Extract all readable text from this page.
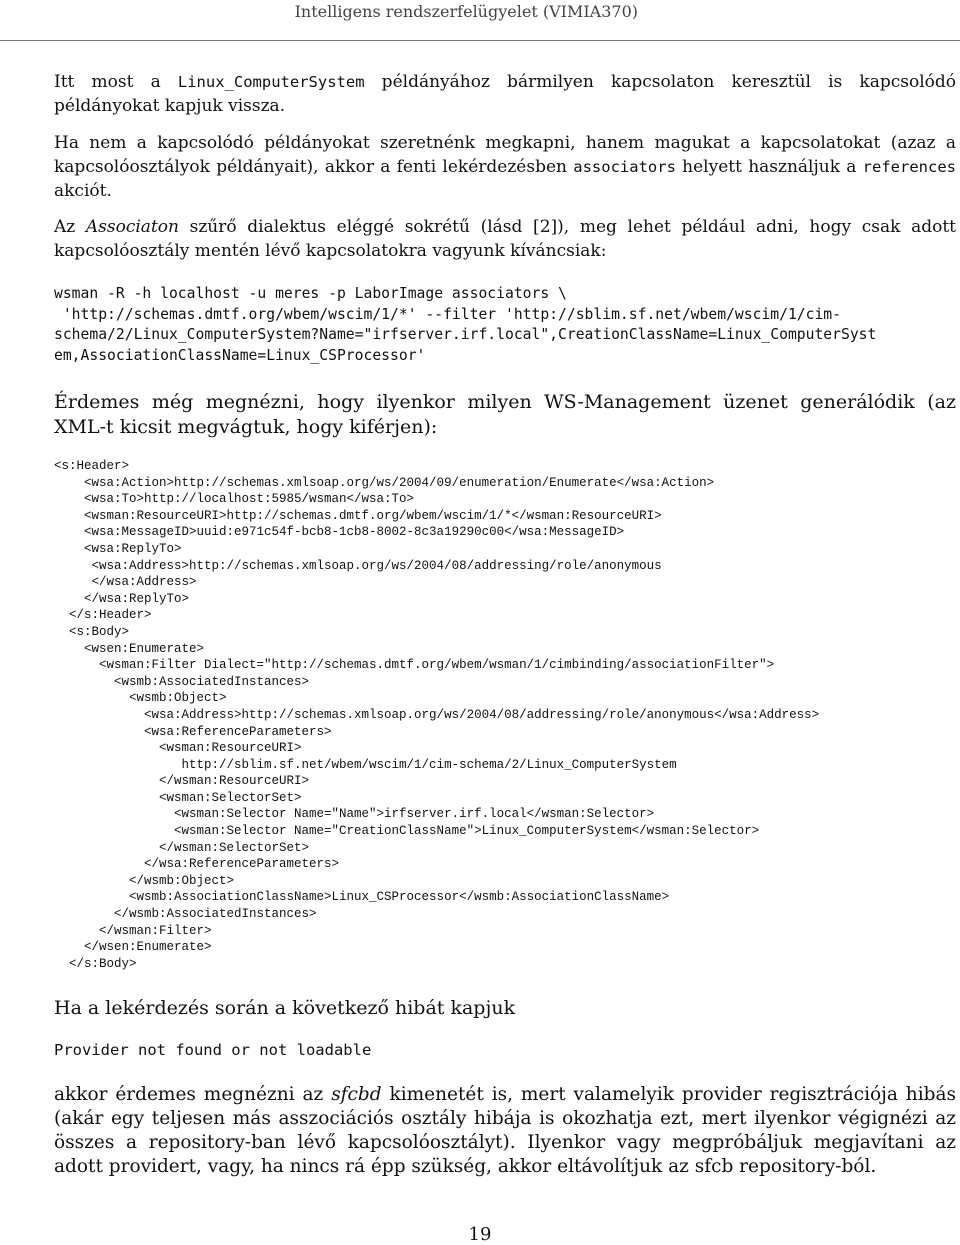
Intelligens rendszerfelügyelet (VIMIA370)

Itt most a Linux_ComputerSystem példányához bármilyen kapcsolaton keresztül is kapcsolódó példányokat kapjuk vissza.

Ha nem a kapcsolódó példányokat szeretnénk megkapni, hanem magukat a kapcsolatokat (azaz a kapcsolóosztályok példányait), akkor a fenti lekérdezésben associators helyett használjuk a references akciót.

Az Associaton szűrő dialektus eléggé sokrétű (lásd [2]), meg lehet például adni, hogy csak adott kapcsolóosztály mentén lévő kapcsolatokra vagyunk kíváncsiak:

wsman -R -h localhost -u meres -p LaborImage associators \
'http://schemas.dmtf.org/wbem/wscim/1/*' --filter 'http://sblim.sf.net/wbem/wscim/1/cim-
schema/2/Linux_ComputerSystem?Name="irfserver.irf.local",CreationClassName=Linux_ComputerSyst
em,AssociationClassName=Linux_CSProcessor'

Érdemes még megnézni, hogy ilyenkor milyen WS-Management üzenet generálódik (az XML-t kicsit megvágtuk, hogy kiférjen):

<s:Header>
<wsa:Action>http://schemas.xmlsoap.org/ws/2004/09/enumeration/Enumerate</wsa:Action>
<wsa:To>http://localhost:5985/wsman</wsa:To>
<wsman:ResourceURI>http://schemas.dmtf.org/wbem/wscim/1/*</wsman:ResourceURI>
<wsa:MessageID>uuid:e971c54f-bcb8-1cb8-8002-8c3a19290c00</wsa:MessageID>
<wsa:ReplyTo>
<wsa:Address>http://schemas.xmlsoap.org/ws/2004/08/addressing/role/anonymous
</wsa:Address>
</wsa:ReplyTo>
</s:Header>
<s:Body>
<wsen:Enumerate>
<wsman:Filter Dialect="http://schemas.dmtf.org/wbem/wsman/1/cimbinding/associationFilter">
<wsmb:AssociatedInstances>
<wsmb:Object>
<wsa:Address>http://schemas.xmlsoap.org/ws/2004/08/addressing/role/anonymous</wsa:Address>
<wsa:ReferenceParameters>
<wsman:ResourceURI>
http://sblim.sf.net/wbem/wscim/1/cim-schema/2/Linux_ComputerSystem
</wsman:ResourceURI>
<wsman:SelectorSet>
<wsman:Selector Name="Name">irfserver.irf.local</wsman:Selector>
<wsman:Selector Name="CreationClassName">Linux_ComputerSystem</wsman:Selector>
</wsman:SelectorSet>
</wsa:ReferenceParameters>
</wsmb:Object>
<wsmb:AssociationClassName>Linux_CSProcessor</wsmb:AssociationClassName>
</wsmb:AssociatedInstances>
</wsman:Filter>
</wsen:Enumerate>
</s:Body>

Ha a lekérdezés során a következő hibát kapjuk

Provider not found or not loadable

akkor érdemes megnézni az sfcbd kimenetét is, mert valamelyik provider regisztrációja hibás (akár egy teljesen más asszociációs osztály hibája is okozhatja ezt, mert ilyenkor végignézi az összes a repository-ban lévő kapcsolóosztályt). Ilyenkor vagy megpróbáljuk megjavítani az adott providert, vagy, ha nincs rá épp szükség, akkor eltávolítjuk az sfcb repository-ból.

19
